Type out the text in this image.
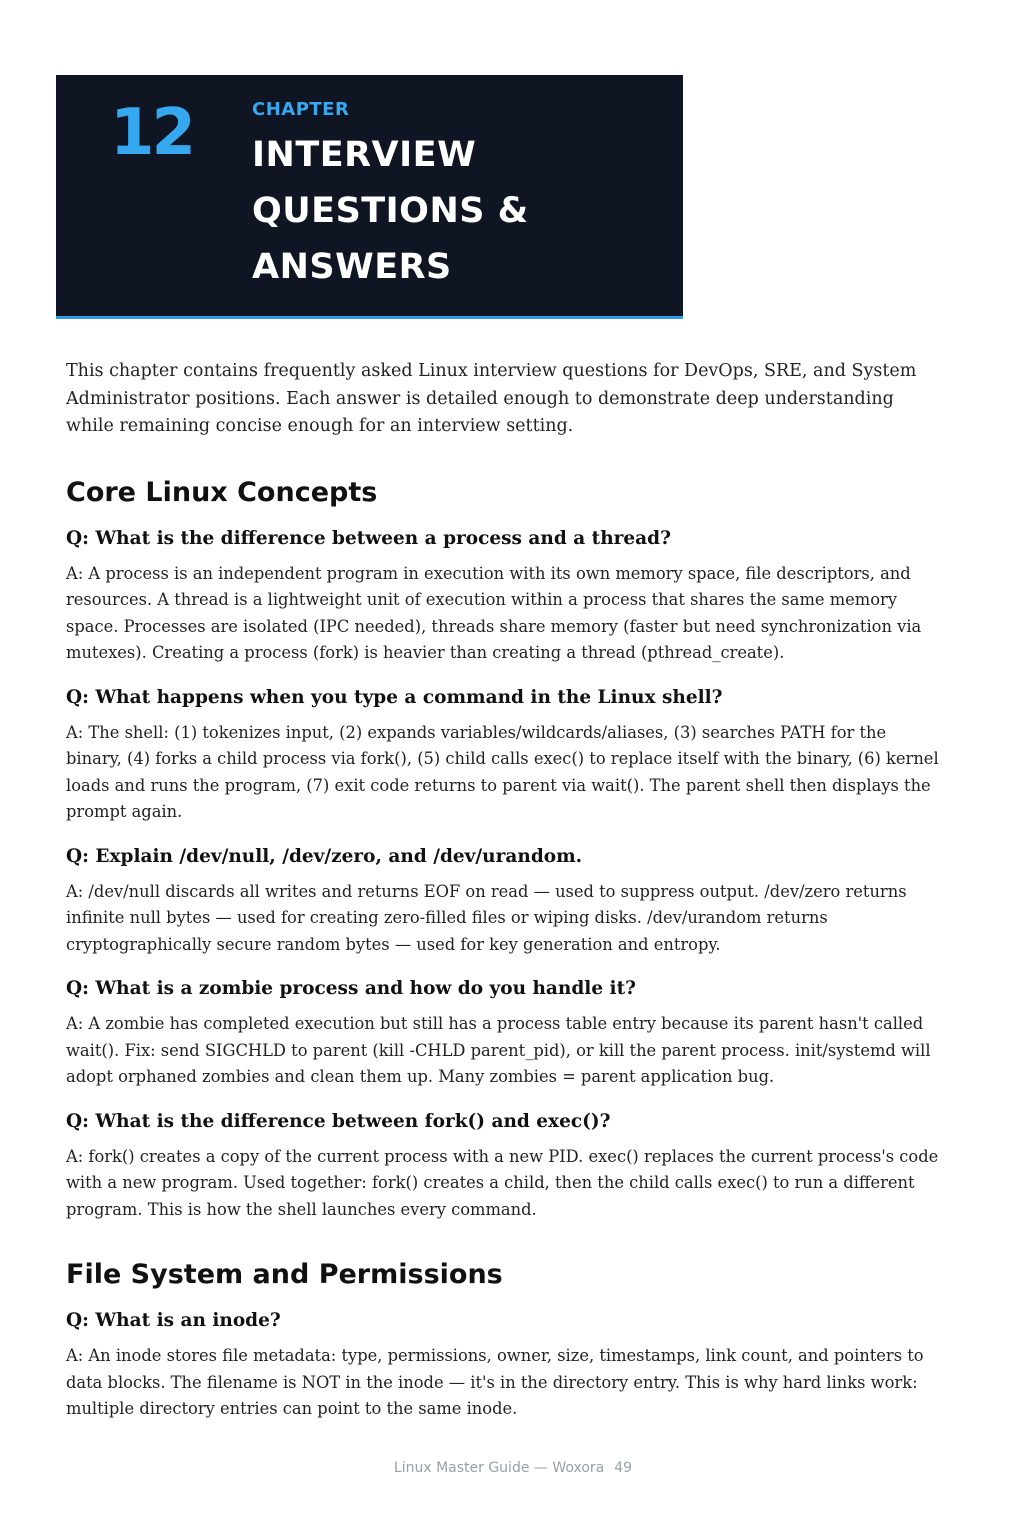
12	CHAPTER
INTERVIEW QUESTIONS & ANSWERS

This chapter contains frequently asked Linux interview questions for DevOps, SRE, and System Administrator positions. Each answer is detailed enough to demonstrate deep understanding while remaining concise enough for an interview setting.

Core Linux Concepts

Q: What is the difference between a process and a thread?

A: A process is an independent program in execution with its own memory space, file descriptors, and resources. A thread is a lightweight unit of execution within a process that shares the same memory space. Processes are isolated (IPC needed), threads share memory (faster but need synchronization via mutexes). Creating a process (fork) is heavier than creating a thread (pthread_create).

Q: What happens when you type a command in the Linux shell?

A: The shell: (1) tokenizes input, (2) expands variables/wildcards/aliases, (3) searches PATH for the binary, (4) forks a child process via fork(), (5) child calls exec() to replace itself with the binary, (6) kernel loads and runs the program, (7) exit code returns to parent via wait(). The parent shell then displays the prompt again.

Q: Explain /dev/null, /dev/zero, and /dev/urandom.

A: /dev/null discards all writes and returns EOF on read — used to suppress output. /dev/zero returns infinite null bytes — used for creating zero-filled files or wiping disks. /dev/urandom returns cryptographically secure random bytes — used for key generation and entropy.

Q: What is a zombie process and how do you handle it?

A: A zombie has completed execution but still has a process table entry because its parent hasn't called wait(). Fix: send SIGCHLD to parent (kill -CHLD parent_pid), or kill the parent process. init/systemd will adopt orphaned zombies and clean them up. Many zombies = parent application bug.

Q: What is the difference between fork() and exec()?

A: fork() creates a copy of the current process with a new PID. exec() replaces the current process's code with a new program. Used together: fork() creates a child, then the child calls exec() to run a different program. This is how the shell launches every command.

File System and Permissions

Q: What is an inode?

A: An inode stores file metadata: type, permissions, owner, size, timestamps, link count, and pointers to data blocks. The filename is NOT in the inode — it's in the directory entry. This is why hard links work: multiple directory entries can point to the same inode.

Linux Master Guide — Woxora 49
